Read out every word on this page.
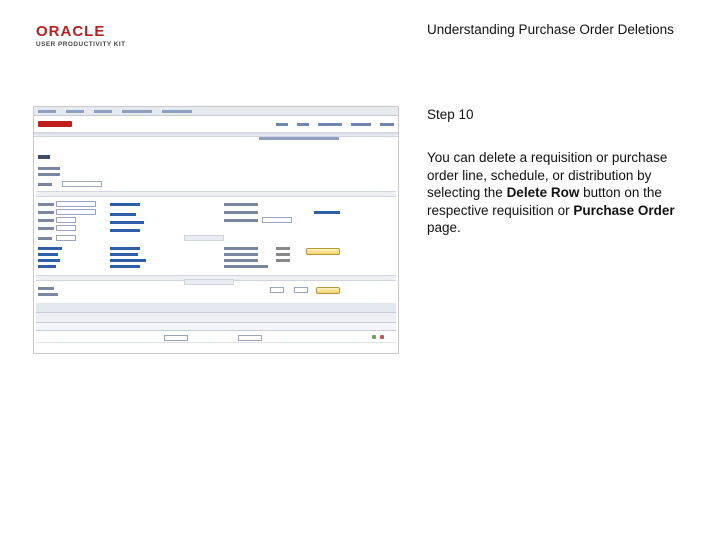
ORACLE
USER PRODUCTIVITY KIT
Understanding Purchase Order Deletions
Step 10
You can delete a requisition or purchase order line, schedule, or distribution by selecting the Delete Row button on the respective requisition or Purchase Order page.
